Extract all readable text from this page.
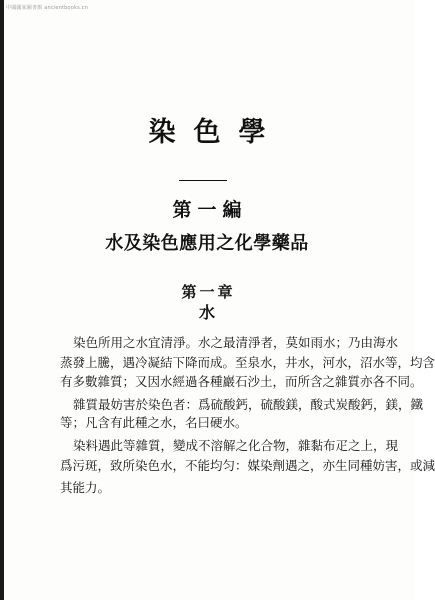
中國國家圖書館 ancientbooks.cn
染色學
第一編
水及染色應用之化學藥品
第一章
水
染色所用之水宜清淨。水之最清淨者，莫如雨水；乃由海水
蒸發上騰，遇冷凝結下降而成。至泉水，井水，河水，沼水等，均含
有多數雜質；又因水經過各種巖石沙土，而所含之雜質亦各不同。
雜質最妨害於染色者：爲硫酸鈣，硫酸鎂，酸式炭酸鈣，鎂，鐵
等；凡含有此種之水，名曰硬水。
染料遇此等雜質，變成不溶解之化合物，雜黏布疋之上，現
爲污斑，致所染色水，不能均匀：媒染劑遇之，亦生同種妨害，或減
其能力。
